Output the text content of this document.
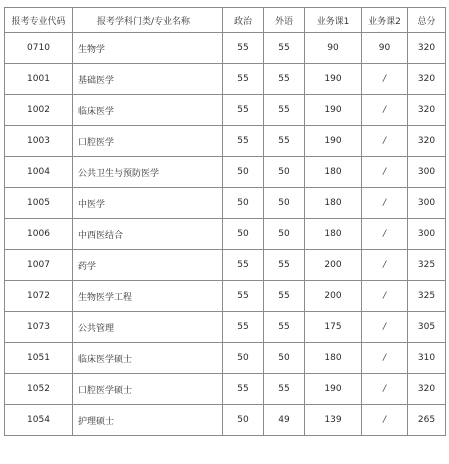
报考专业代码	报考学科门类/专业名称	政治	外语	业务课1	业务课2	总分
0710	生物学	55	55	90	90	320
1001	基础医学	55	55	190	/	320
1002	临床医学	55	55	190	/	320
1003	口腔医学	55	55	190	/	320
1004	公共卫生与预防医学	50	50	180	/	300
1005	中医学	50	50	180	/	300
1006	中西医结合	50	50	180	/	300
1007	药学	55	55	200	/	325
1072	生物医学工程	55	55	200	/	325
1073	公共管理	55	55	175	/	305
1051	临床医学硕士	50	50	180	/	310
1052	口腔医学硕士	55	55	190	/	320
1054	护理硕士	50	49	139	/	265
